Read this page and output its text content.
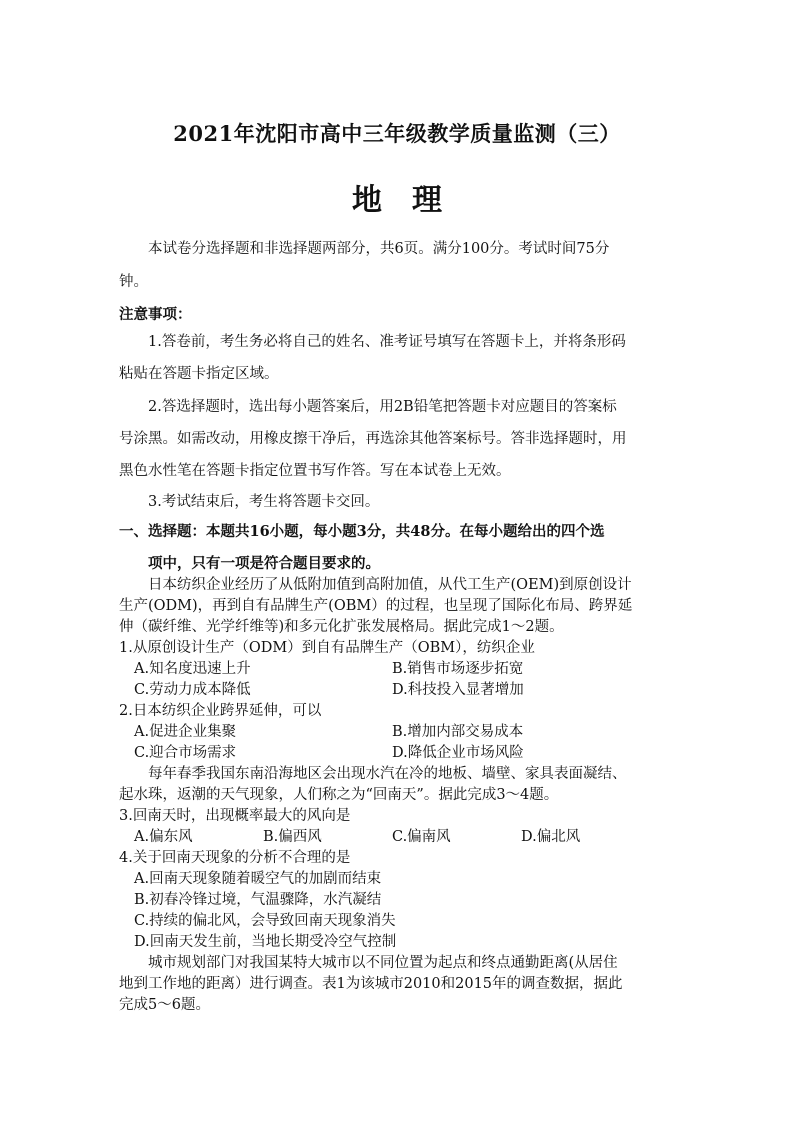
2021年沈阳市高中三年级教学质量监测（三）
地理

本试卷分选择题和非选择题两部分，共6页。满分100分。考试时间75分

钟。

注意事项：

1.答卷前，考生务必将自己的姓名、准考证号填写在答题卡上，并将条形码

粘贴在答题卡指定区域。

2.答选择题时，选出每小题答案后，用2B铅笔把答题卡对应题目的答案标

号涂黑。如需改动，用橡皮擦干净后，再选涂其他答案标号。答非选择题时，用

黑色水性笔在答题卡指定位置书写作答。写在本试卷上无效。

3.考试结束后，考生将答题卡交回。

一、选择题：本题共16小题，每小题3分，共48分。在每小题给出的四个选
项中，只有一项是符合题目要求的。

日本纺织企业经历了从低附加值到高附加值，从代工生产(OEM)到原创设计

生产(ODM)，再到自有品牌生产(OBM）的过程，也呈现了国际化布局、跨界延

伸（碳纤维、光学纤维等)和多元化扩张发展格局。据此完成1～2题。

1.从原创设计生产（ODM）到自有品牌生产（OBM），纺织企业
A.知名度迅速上升	B.销售市场逐步拓宽
C.劳动力成本降低	D.科技投入显著增加
2.日本纺织企业跨界延伸，可以
A.促进企业集聚	B.增加内部交易成本
C.迎合市场需求	D.降低企业市场风险

每年春季我国东南沿海地区会出现水汽在冷的地板、墙壁、家具表面凝结、

起水珠，返潮的天气现象，人们称之为“回南天”。据此完成3～4题。

3.回南天时，出现概率最大的风向是
A.偏东风	B.偏西风	C.偏南风	D.偏北风
4.关于回南天现象的分析不合理的是
A.回南天现象随着暖空气的加剧而结束
B.初春冷锋过境，气温骤降，水汽凝结
C.持续的偏北风，会导致回南天现象消失
D.回南天发生前，当地长期受冷空气控制

城市规划部门对我国某特大城市以不同位置为起点和终点通勤距离(从居住

地到工作地的距离）进行调查。表1为该城市2010和2015年的调查数据，据此

完成5～6题。
